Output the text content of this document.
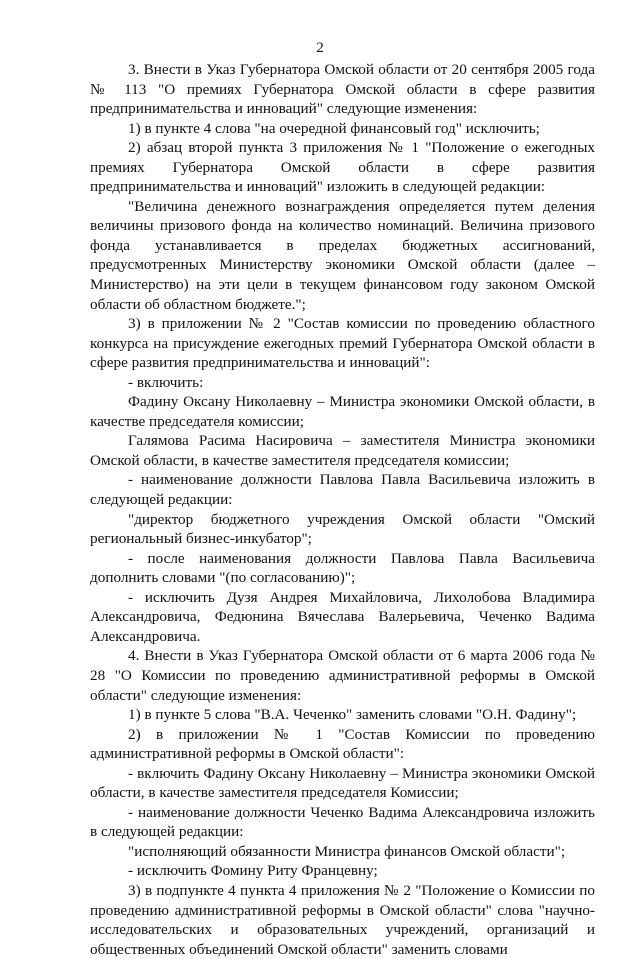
2

3. Внести в Указ Губернатора Омской области от 20 сентября 2005 года № 113 "О премиях Губернатора Омской области в сфере развития предпринимательства и инноваций" следующие изменения:

1) в пункте 4 слова "на очередной финансовый год" исключить;

2) абзац второй пункта 3 приложения № 1 "Положение о ежегодных премиях Губернатора Омской области в сфере развития предпринимательства и инноваций" изложить в следующей редакции:

"Величина денежного вознаграждения определяется путем деления величины призового фонда на количество номинаций. Величина призового фонда устанавливается в пределах бюджетных ассигнований, предусмотренных Министерству экономики Омской области (далее – Министерство) на эти цели в текущем финансовом году законом Омской области об областном бюджете.";

3) в приложении № 2 "Состав комиссии по проведению областного конкурса на присуждение ежегодных премий Губернатора Омской области в сфере развития предпринимательства и инноваций":

- включить:

Фадину Оксану Николаевну – Министра экономики Омской области, в качестве председателя комиссии;

Галямова Расима Насировича – заместителя Министра экономики Омской области, в качестве заместителя председателя комиссии;

- наименование должности Павлова Павла Васильевича изложить в следующей редакции:

"директор бюджетного учреждения Омской области "Омский региональный бизнес-инкубатор";

- после наименования должности Павлова Павла Васильевича дополнить словами "(по согласованию)";

- исключить Дузя Андрея Михайловича, Лихолобова Владимира Александровича, Федюнина Вячеслава Валерьевича, Чеченко Вадима Александровича.

4. Внести в Указ Губернатора Омской области от 6 марта 2006 года № 28 "О Комиссии по проведению административной реформы в Омской области" следующие изменения:

1) в пункте 5 слова "В.А. Чеченко" заменить словами "О.Н. Фадину";

2) в приложении № 1 "Состав Комиссии по проведению административной реформы в Омской области":

- включить Фадину Оксану Николаевну – Министра экономики Омской области, в качестве заместителя председателя Комиссии;

- наименование должности Чеченко Вадима Александровича изложить в следующей редакции:

"исполняющий обязанности Министра финансов Омской области";

- исключить Фомину Риту Францевну;

3) в подпункте 4 пункта 4 приложения № 2 "Положение о Комиссии по проведению административной реформы в Омской области" слова "научно-исследовательских и образовательных учреждений, организаций и общественных объединений Омской области" заменить словами
